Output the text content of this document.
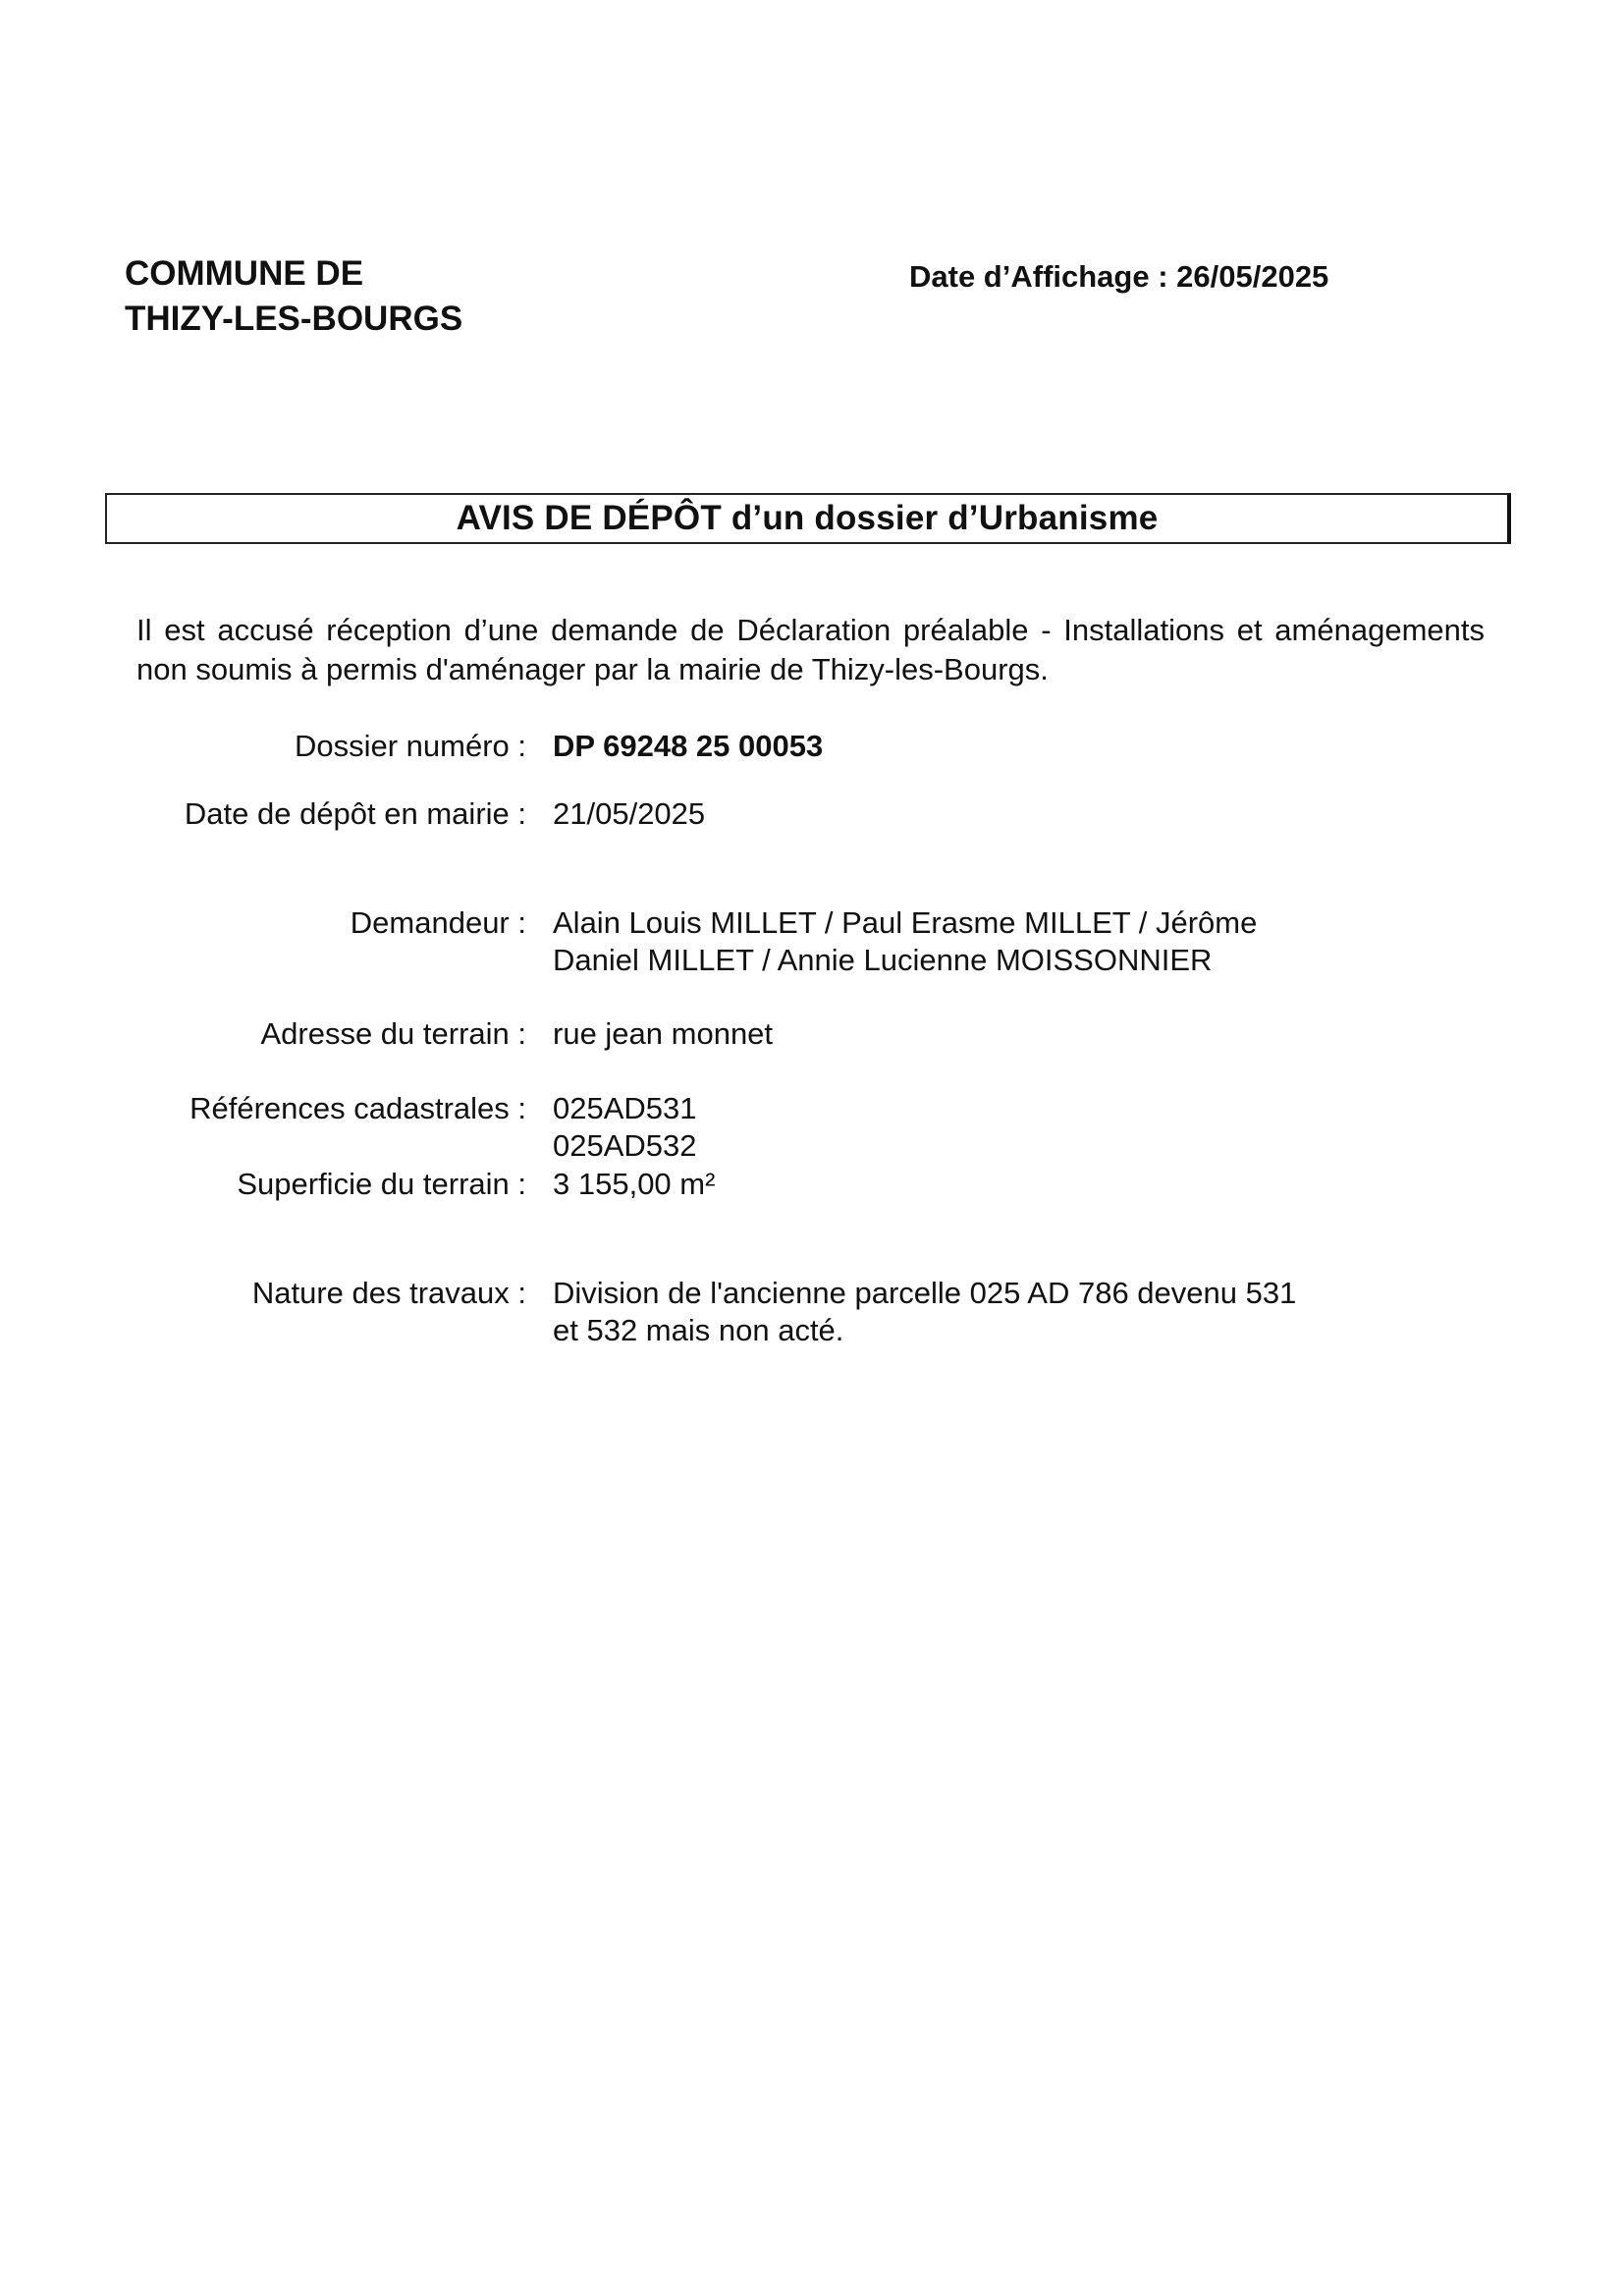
COMMUNE DE
THIZY-LES-BOURGS
Date d’Affichage : 26/05/2025
AVIS DE DÉPÔT d’un dossier d’Urbanisme

Il est accusé réception d’une demande de Déclaration préalable - Installations et aménagements non soumis à permis d'aménager par la mairie de Thizy-les-Bourgs.

Dossier numéro : DP 69248 25 00053
Date de dépôt en mairie : 21/05/2025
Demandeur : Alain Louis MILLET / Paul Erasme MILLET / Jérôme
Daniel MILLET / Annie Lucienne MOISSONNIER
Adresse du terrain : rue jean monnet
Références cadastrales : 025AD531
025AD532
Superficie du terrain : 3 155,00 m²
Nature des travaux : Division de l'ancienne parcelle 025 AD 786 devenu 531
et 532 mais non acté.
